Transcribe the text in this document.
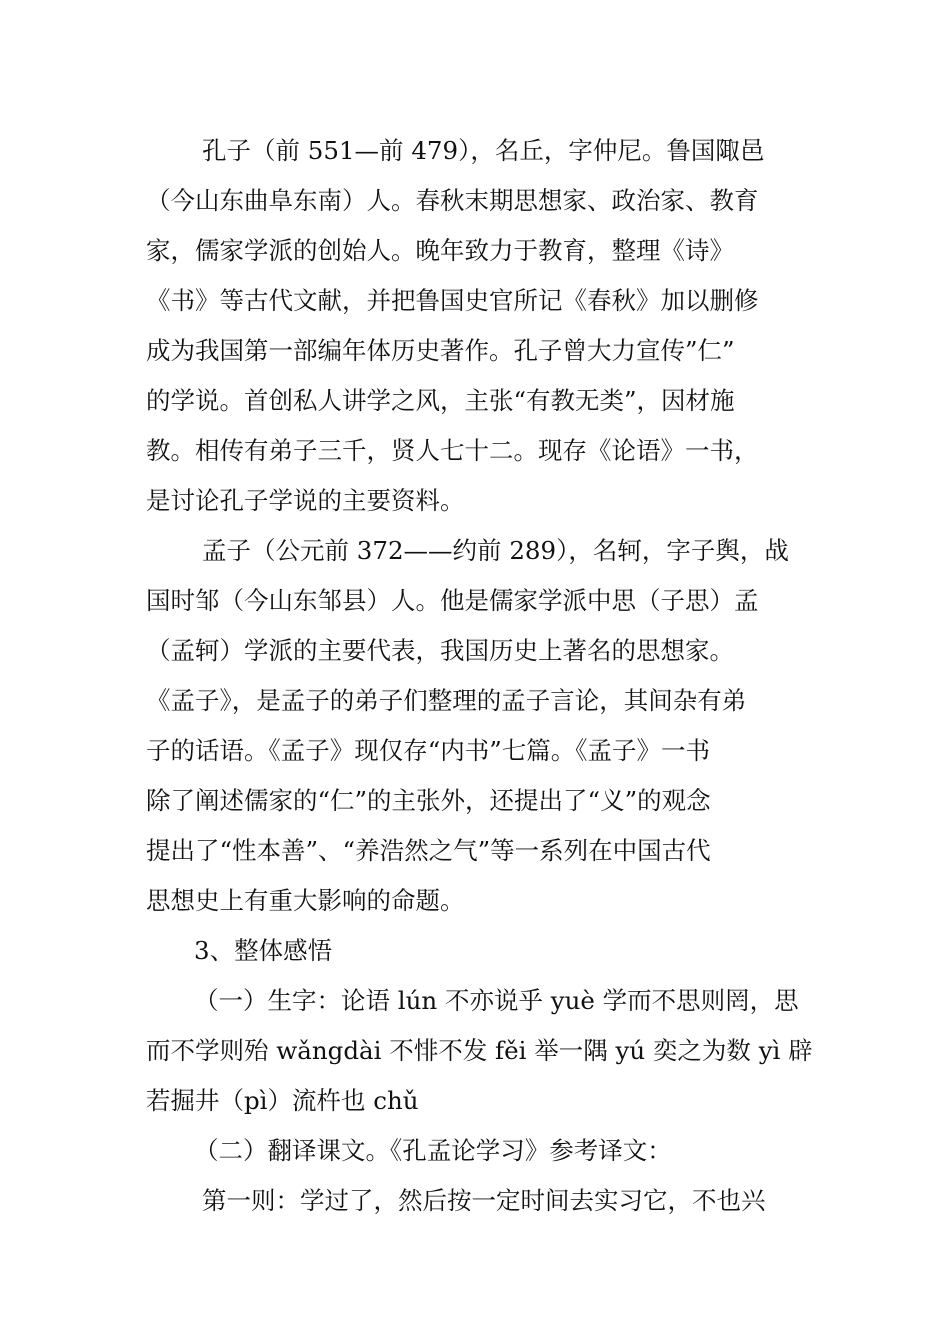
孔子（前 551—前 479），名丘，字仲尼。鲁国陬邑
（今山东曲阜东南）人。春秋末期思想家、政治家、教育
家，儒家学派的创始人。晚年致力于教育，整理《诗》
《书》等古代文献，并把鲁国史官所记《春秋》加以删修
成为我国第一部编年体历史著作。孔子曾大力宣传”仁”
的学说。首创私人讲学之风，主张“有教无类”，因材施
教。相传有弟子三千，贤人七十二。现存《论语》一书，
是讨论孔子学说的主要资料。
孟子（公元前 372——约前 289），名轲，字子舆，战
国时邹（今山东邹县）人。他是儒家学派中思（子思）孟
（孟轲）学派的主要代表，我国历史上著名的思想家。
《孟子》，是孟子的弟子们整理的孟子言论，其间杂有弟
子的话语。《孟子》现仅存“内书”七篇。《孟子》一书
除了阐述儒家的“仁”的主张外，还提出了“义”的观念
提出了“性本善”、“养浩然之气”等一系列在中国古代
思想史上有重大影响的命题。
3、整体感悟
（一）生字：论语 lún 不亦说乎 yuè 学而不思则罔，思
而不学则殆 wǎngdài 不悱不发 fěi 举一隅 yú 奕之为数 yì 辟
若掘井（pì）流杵也 chǔ
（二）翻译课文。《孔孟论学习》参考译文：
第一则：学过了，然后按一定时间去实习它，不也兴
